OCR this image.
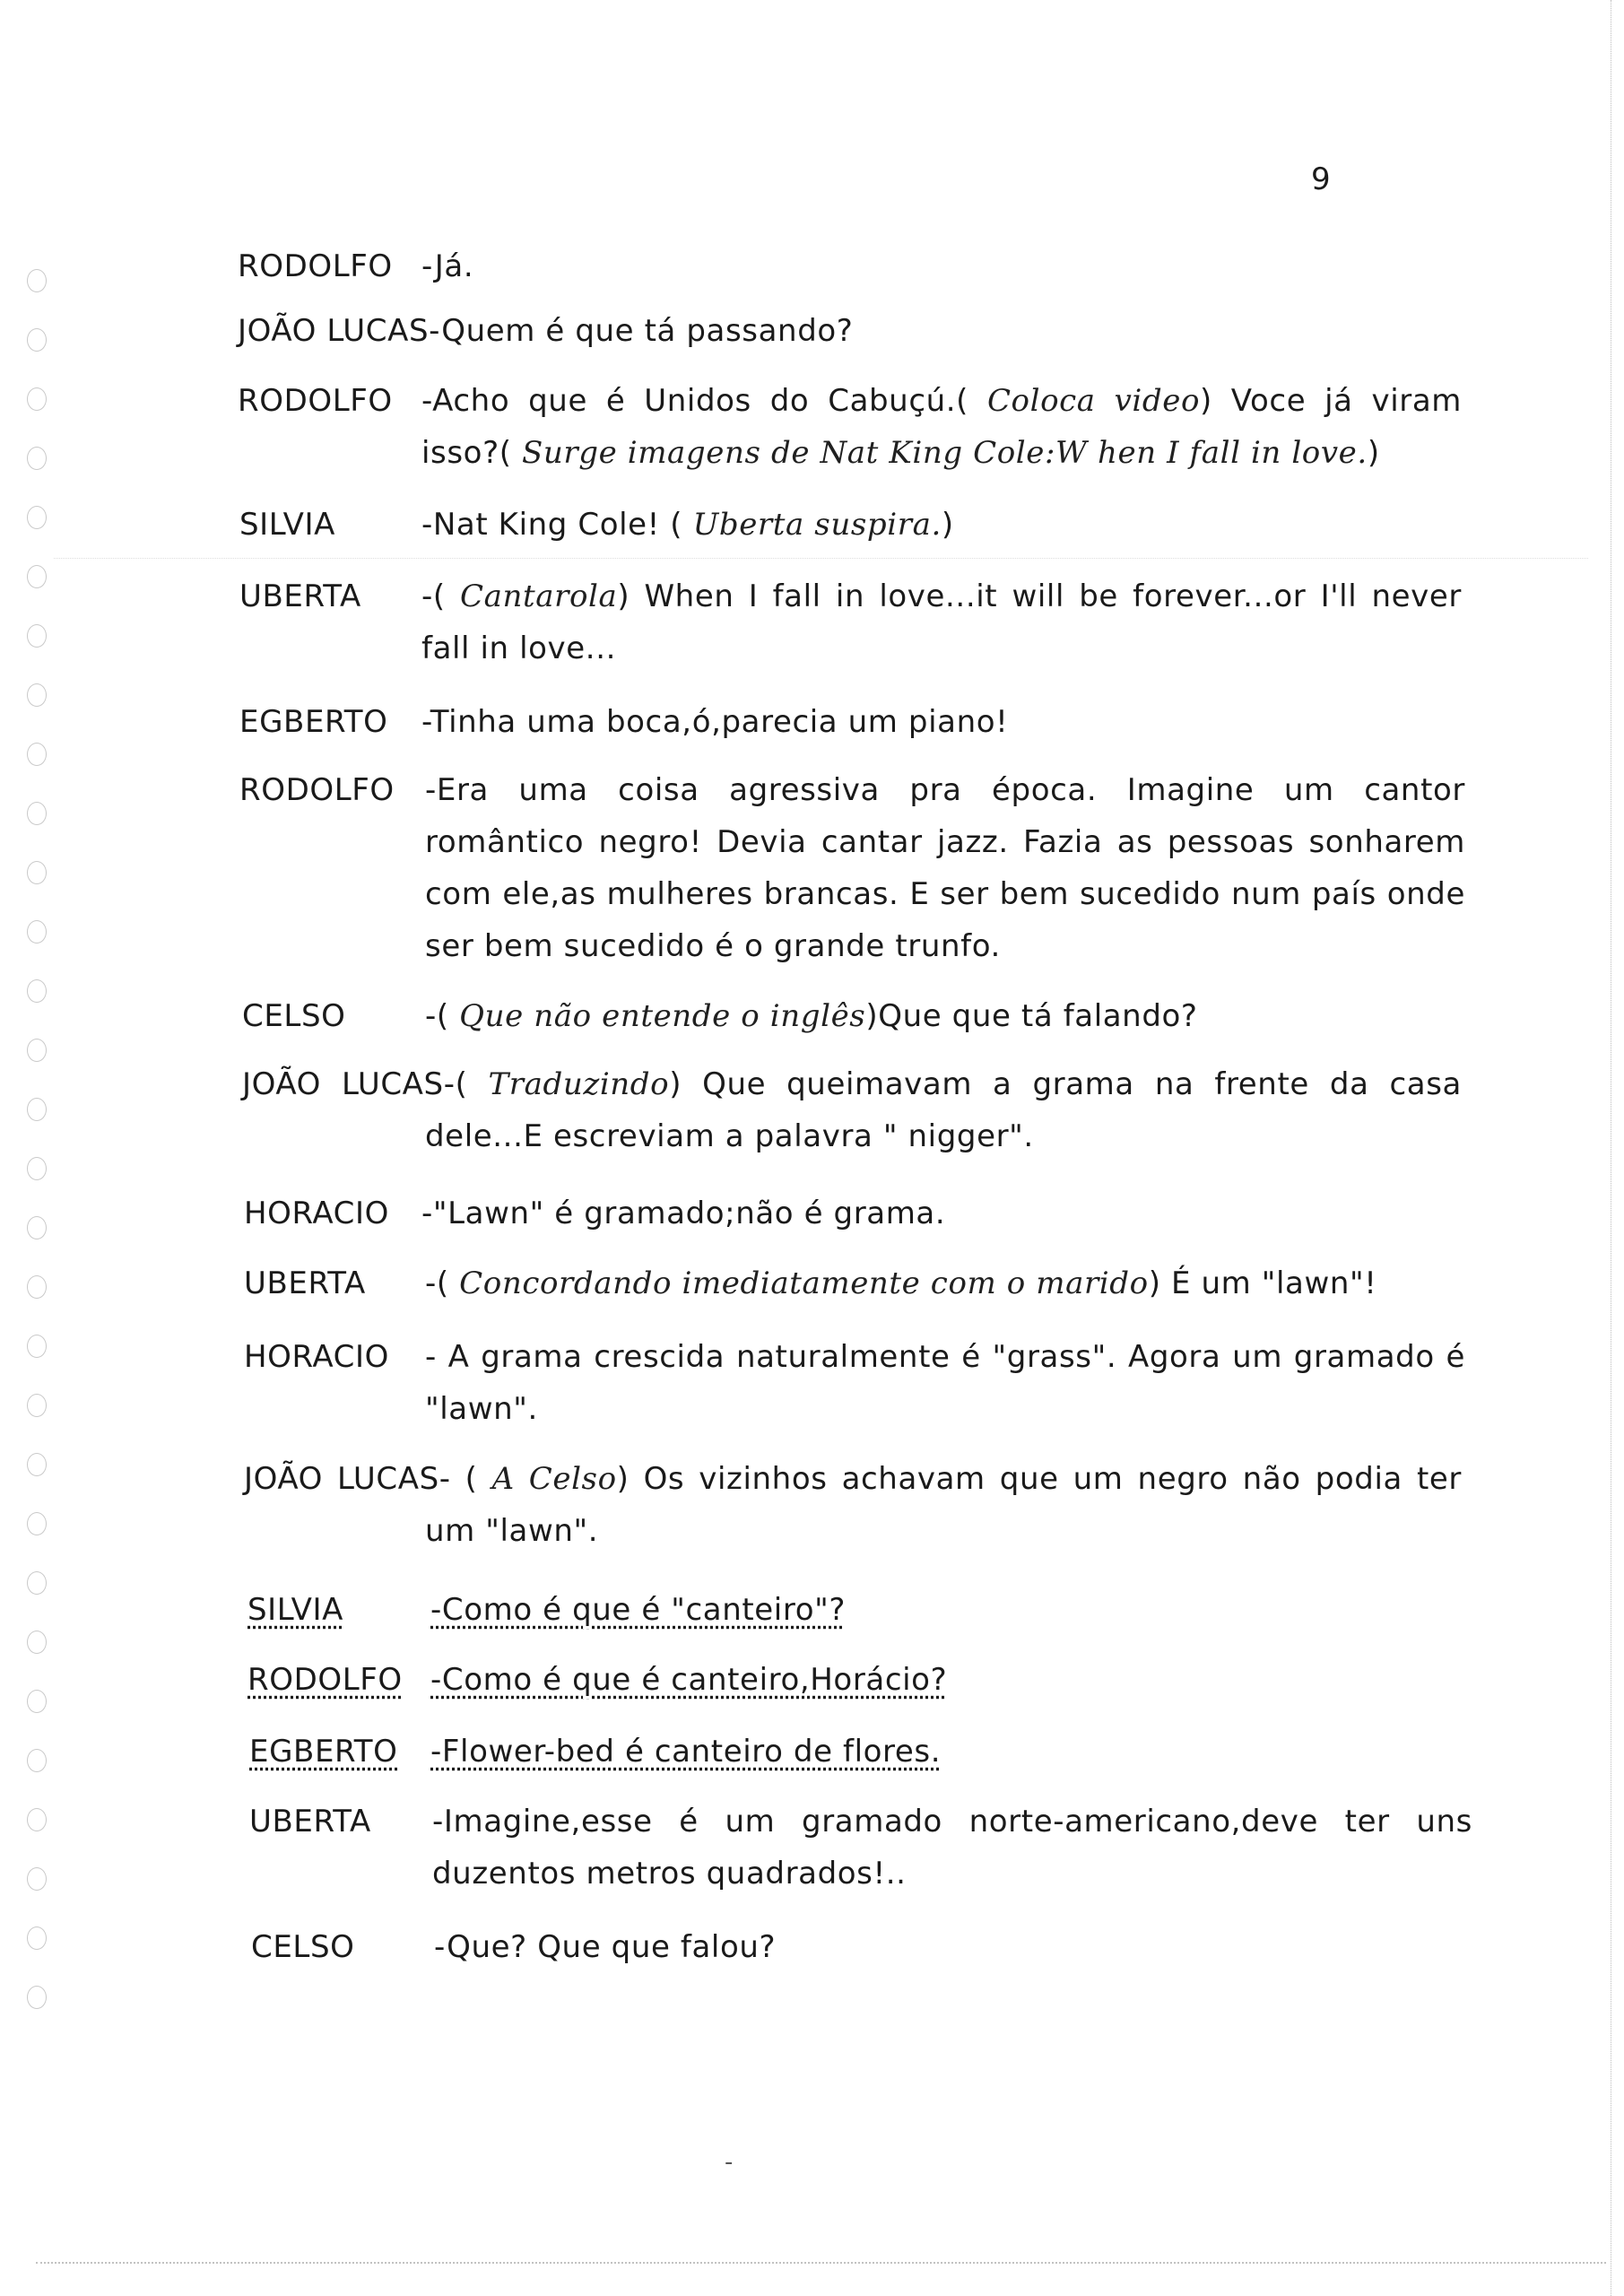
9
RODOLFO -Já.
JOÃO LUCAS-Quem é que tá passando?
RODOLFO -Acho que é Unidos do Cabuçú.( Coloca video) Voce já viram isso?( Surge imagens de Nat King Cole:W hen I fall in love.)
SILVIA	-Nat King Cole! ( Uberta suspira.)
UBERTA -( Cantarola) When I fall in love...it will be forever...or I'll never fall in love...
EGBERTO -Tinha uma boca,ó,parecia um piano!
RODOLFO -Era uma coisa agressiva pra época. Imagine um cantor romântico negro! Devia cantar jazz. Fazia as pessoas sonharem com ele,as mulheres brancas. E ser bem sucedido num país onde ser bem sucedido é o grande trunfo.
CELSO	-( Que não entende o inglês)Que que tá falando?
JOÃO LUCAS-( Traduzindo) Que queimavam a grama na frente da casa dele...E escreviam a palavra " nigger".
HORACIO -"Lawn" é gramado;não é grama.
UBERTA -( Concordando imediatamente com o marido) É um "lawn"!
HORACIO - A grama crescida naturalmente é "grass". Agora um gramado é "lawn".
JOÃO LUCAS- ( A Celso) Os vizinhos achavam que um negro não podia ter um "lawn".
SILVIA	-Como é que é "canteiro"?
RODOLFO -Como é que é canteiro,Horácio?
EGBERTO -Flower-bed é canteiro de flores.
UBERTA -Imagine,esse é um gramado norte-americano,deve ter uns duzentos metros quadrados!..
CELSO	-Que? Que que falou?
-
